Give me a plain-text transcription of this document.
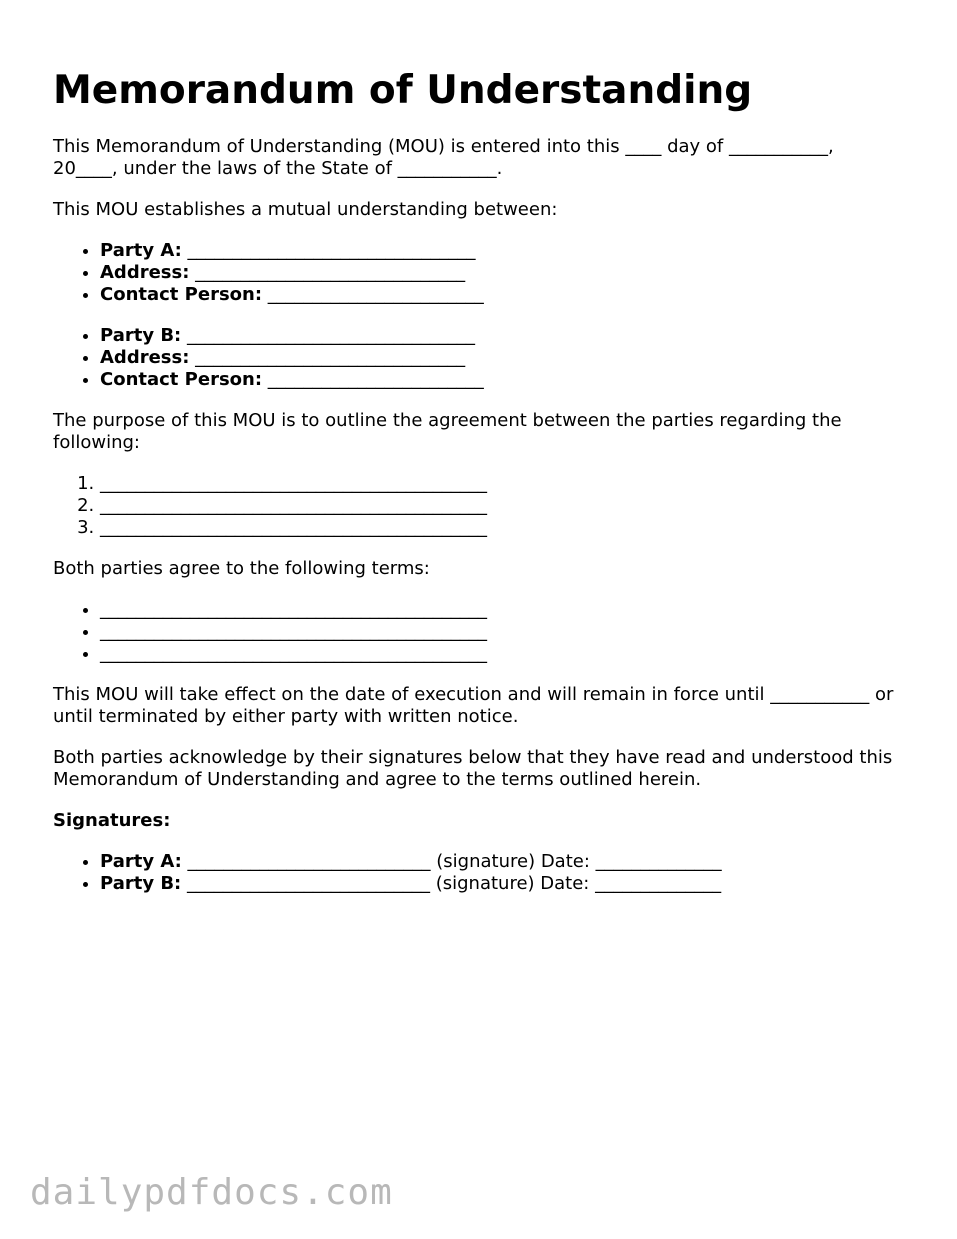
Memorandum of Understanding

This Memorandum of Understanding (MOU) is entered into this ____ day of ___________, 20____, under the laws of the State of ___________.

This MOU establishes a mutual understanding between:

• Party A: ________________________________
• Address: ______________________________
• Contact Person: ________________________
• Party B: ________________________________
• Address: ______________________________
• Contact Person: ________________________

The purpose of this MOU is to outline the agreement between the parties regarding the following:

1. ___________________________________________
2. ___________________________________________
3. ___________________________________________

Both parties agree to the following terms:

• ___________________________________________
• ___________________________________________
• ___________________________________________

This MOU will take effect on the date of execution and will remain in force until ___________ or until terminated by either party with written notice.

Both parties acknowledge by their signatures below that they have read and understood this Memorandum of Understanding and agree to the terms outlined herein.

Signatures:
• Party A: ___________________________ (signature) Date: ______________
• Party B: ___________________________ (signature) Date: ______________
dailypdfdocs.com
